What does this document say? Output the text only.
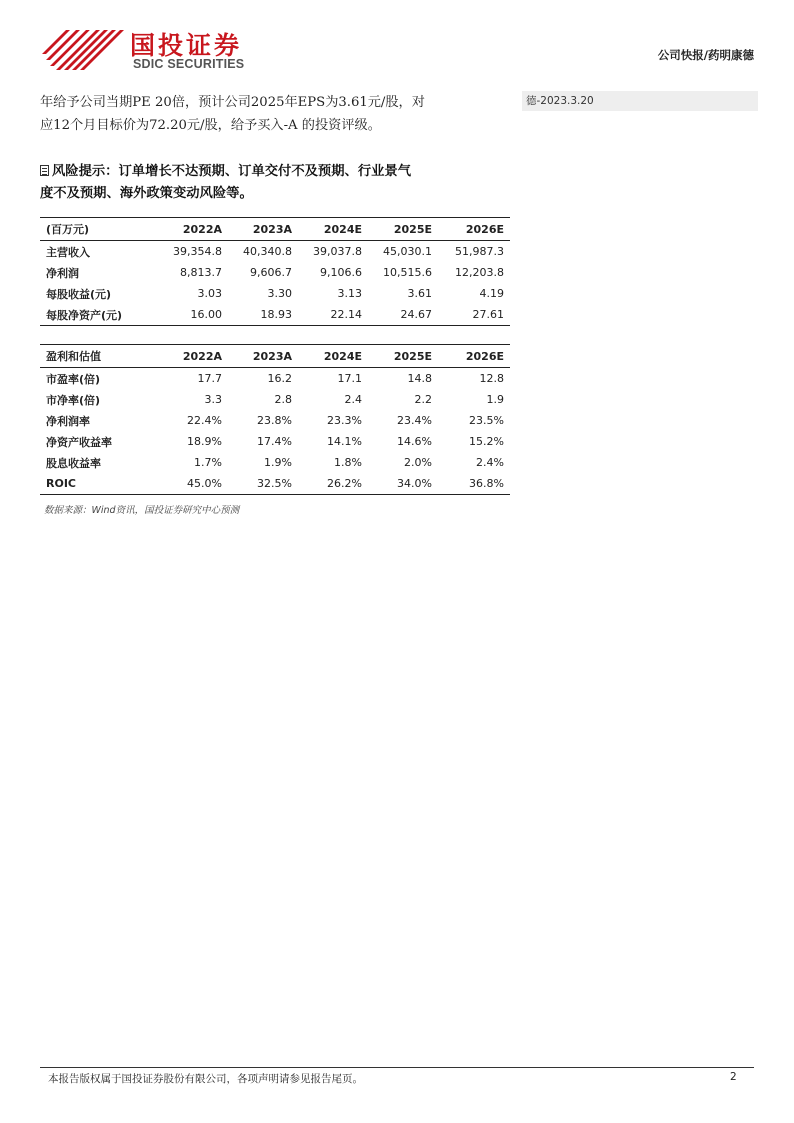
国投证券
SDIC SECURITIES
公司快报/药明康德
年给予公司当期PE 20倍，预计公司2025年EPS为3.61元/股，对
应12个月目标价为72.20元/股，给予买入-A 的投资评级。
德-2023.3.20
风险提示：订单增长不达预期、订单交付不及预期、行业景气
度不及预期、海外政策变动风险等。
(百万元)	2022A	2023A	2024E	2025E	2026E
主营收入	39,354.8	40,340.8	39,037.8	45,030.1	51,987.3
净利润	8,813.7	9,606.7	9,106.6	10,515.6	12,203.8
每股收益(元)	3.03	3.30	3.13	3.61	4.19
每股净资产(元)	16.00	18.93	22.14	24.67	27.61
盈利和估值	2022A	2023A	2024E	2025E	2026E
市盈率(倍)	17.7	16.2	17.1	14.8	12.8
市净率(倍)	3.3	2.8	2.4	2.2	1.9
净利润率	22.4%	23.8%	23.3%	23.4%	23.5%
净资产收益率	18.9%	17.4%	14.1%	14.6%	15.2%
股息收益率	1.7%	1.9%	1.8%	2.0%	2.4%
ROIC	45.0%	32.5%	26.2%	34.0%	36.8%
数据来源：Wind资讯，国投证券研究中心预测
本报告版权属于国投证券股份有限公司，各项声明请参见报告尾页。	2
